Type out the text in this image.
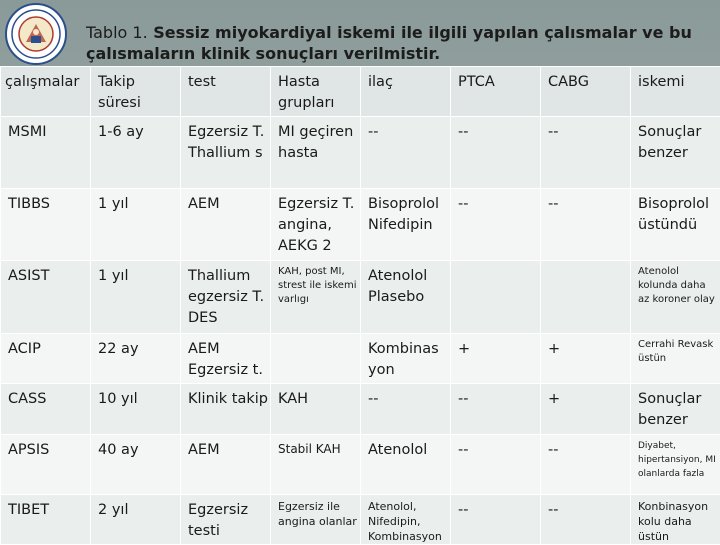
Tablo 1. Sessiz miyokardiyal iskemi ile ilgili yapılan çalısmalar ve bu
çalısmaların klinik sonuçları verilmistir.
çalışmalar	Takip süresi	test	Hasta grupları	ilaç	PTCA	CABG	iskemi
MSMI	1-6 ay	Egzersiz T. Thallium s	MI geçiren hasta	--	--	--	Sonuçlar benzer
TIBBS	1 yıl	AEM	Egzersiz T. angina, AEKG 2	Bisoprolol Nifedipin	--	--	Bisoprolol üstündü
ASIST	1 yıl	Thallium egzersiz T. DES	KAH, post MI, strest ile iskemi varlıgı	Atenolol Plasebo			Atenolol kolunda daha az koroner olay
ACIP	22 ay	AEM Egzersiz t.		Kombinas yon	+	+	Cerrahi Revask üstün
CASS	10 yıl	Klinik takip	KAH	--	--	+	Sonuçlar benzer
APSIS	40 ay	AEM	Stabil KAH	Atenolol	--	--	Diyabet, hipertansiyon, MI olanlarda fazla
TIBET	2 yıl	Egzersiz testi	Egzersiz ile angina olanlar	Atenolol, Nifedipin, Kombinasyon	--	--	Konbinasyon kolu daha üstün
